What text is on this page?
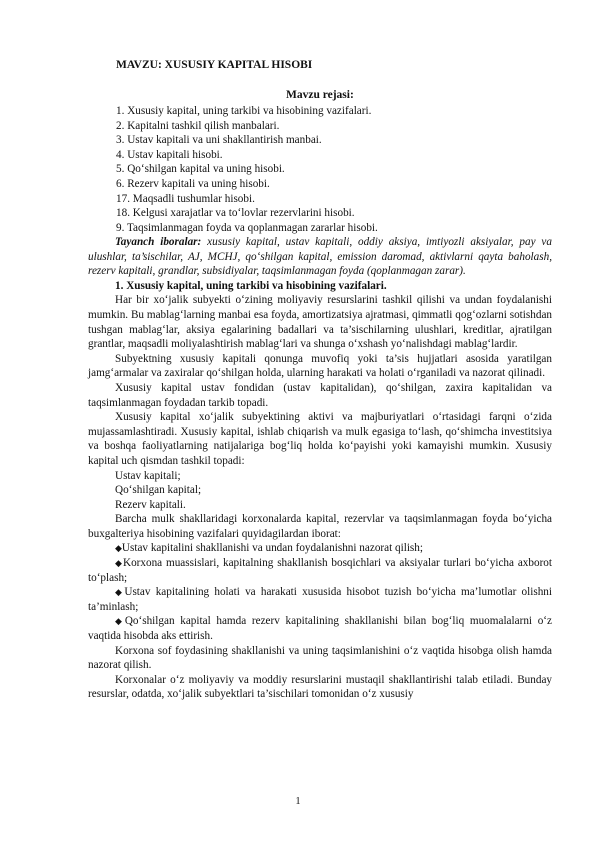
MAVZU: XUSUSIY KAPITAL HISOBI
Mavzu rejasi:
1. Xususiy kapital, uning tarkibi va hisobining vazifalari.
2. Kapitalni tashkil qilish manbalari.
3. Ustav kapitali va uni shakllantirish manbai.
4. Ustav kapitali hisobi.
5. Qo‘shilgan kapital va uning hisobi.
6. Rezerv kapitali va uning hisobi.
17. Maqsadli tushumlar hisobi.
18. Kelgusi xarajatlar va to‘lovlar rezervlarini hisobi.
9. Taqsimlanmagan foyda va qoplanmagan zararlar hisobi.

Tayanch iboralar: xususiy kapital, ustav kapitali, oddiy aksiya, imtiyozli aksiyalar, pay va ulushlar, ta’sischilar, AJ, MCHJ, qo‘shilgan kapital, emission daromad, aktivlarni qayta baholash, rezerv kapitali, grandlar, subsidiyalar, taqsimlanmagan foyda (qoplanmagan zarar).

1. Xususiy kapital, uning tarkibi va hisobining vazifalari.

Har bir xo‘jalik subyekti o‘zining moliyaviy resurslarini tashkil qilishi va undan foydalanishi mumkin. Bu mablag‘larning manbai esa foyda, amortizatsiya ajratmasi, qimmatli qog‘ozlarni sotishdan tushgan mablag‘lar, aksiya egalarining badallari va ta’sischilarning ulushlari, kreditlar, ajratilgan grantlar, maqsadli moliyalashtirish mablag‘lari va shunga o‘xshash yo‘nalishdagi mablag‘lardir.

Subyektning xususiy kapitali qonunga muvofiq yoki ta’sis hujjatlari asosida yaratilgan jamg‘armalar va zaxiralar qo‘shilgan holda, ularning harakati va holati o‘rganiladi va nazorat qilinadi.

Xususiy kapital ustav fondidan (ustav kapitalidan), qo‘shilgan, zaxira kapitalidan va taqsimlanmagan foydadan tarkib topadi.

Xususiy kapital xo‘jalik subyektining aktivi va majburiyatlari o‘rtasidagi farqni o‘zida mujassamlashtiradi. Xususiy kapital, ishlab chiqarish va mulk egasiga to‘lash, qo‘shimcha investitsiya va boshqa faoliyatlarning natijalariga bog‘liq holda ko‘payishi yoki kamayishi mumkin. Xususiy kapital uch qismdan tashkil topadi:

Ustav kapitali;

Qo‘shilgan kapital;

Rezerv kapitali.

Barcha mulk shakllaridagi korxonalarda kapital, rezervlar va taqsimlanmagan foyda bo‘yicha buxgalteriya hisobining vazifalari quyidagilardan iborat:

◆Ustav kapitalini shakllanishi va undan foydalanishni nazorat qilish;

◆Korxona muassislari, kapitalning shakllanish bosqichlari va aksiyalar turlari bo‘yicha axborot to‘plash;

◆Ustav kapitalining holati va harakati xususida hisobot tuzish bo‘yicha ma’lumotlar olishni ta’minlash;

◆Qo‘shilgan kapital hamda rezerv kapitalining shakllanishi bilan bog‘liq muomalalarni o‘z vaqtida hisobda aks ettirish.

Korxona sof foydasining shakllanishi va uning taqsimlanishini o‘z vaqtida hisobga olish hamda nazorat qilish.

Korxonalar o‘z moliyaviy va moddiy resurslarini mustaqil shakllantirishi talab etiladi. Bunday resurslar, odatda, xo‘jalik subyektlari ta’sischilari tomonidan o‘z xususiy

1
